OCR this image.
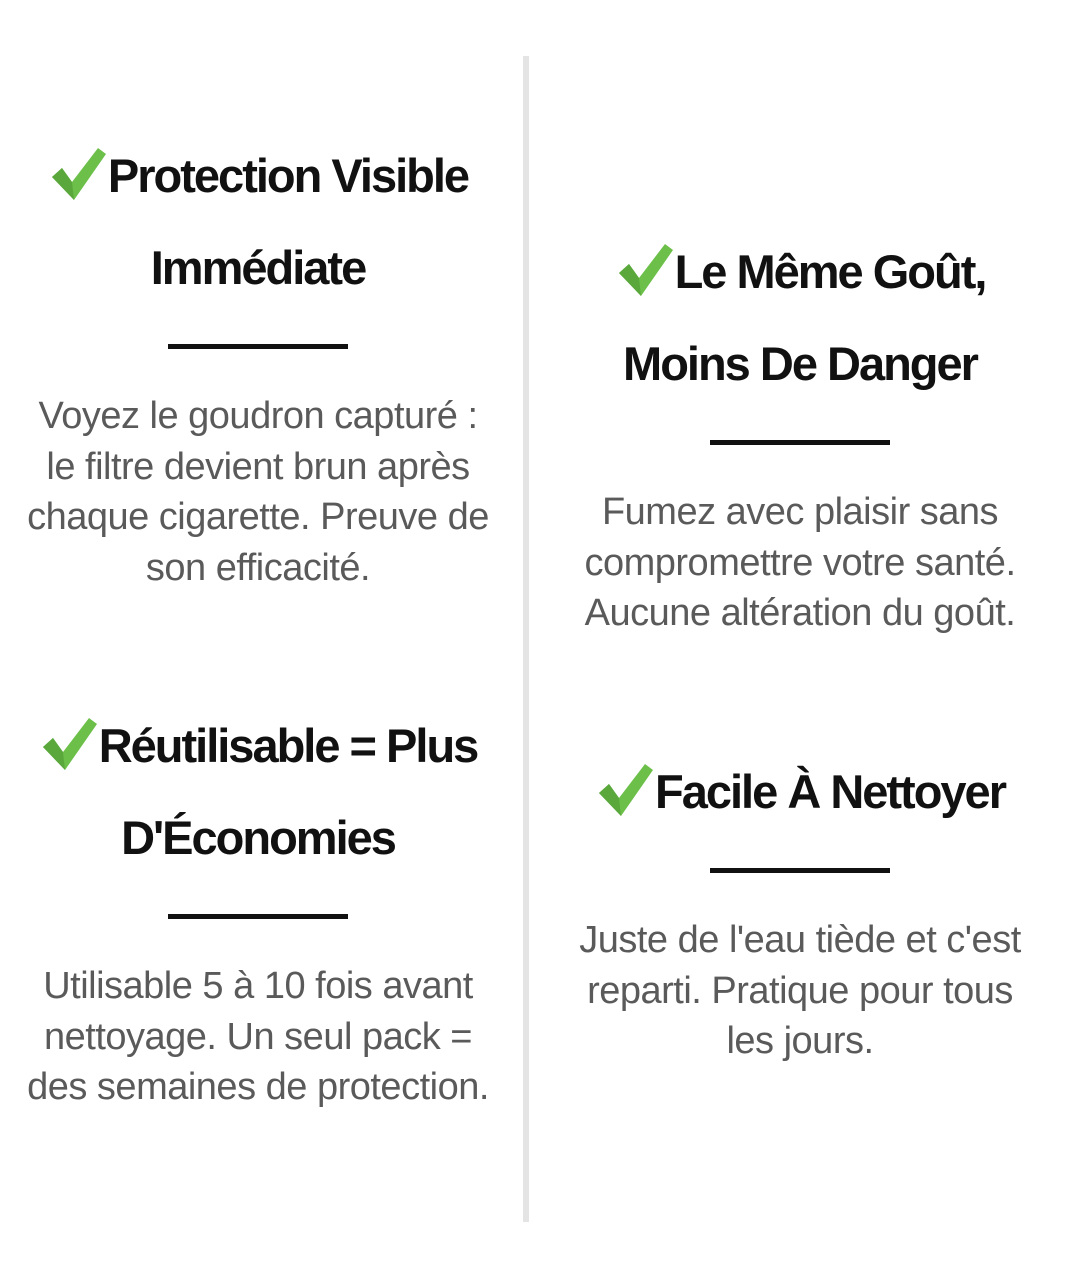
Protection Visible Immédiate

Voyez le goudron capturé : le filtre devient brun après chaque cigarette. Preuve de son efficacité.

Le Même Goût, Moins De Danger

Fumez avec plaisir sans compromettre votre santé. Aucune altération du goût.

Réutilisable = Plus D'Économies

Utilisable 5 à 10 fois avant nettoyage. Un seul pack = des semaines de protection.

Facile À Nettoyer

Juste de l'eau tiède et c'est reparti. Pratique pour tous les jours.
